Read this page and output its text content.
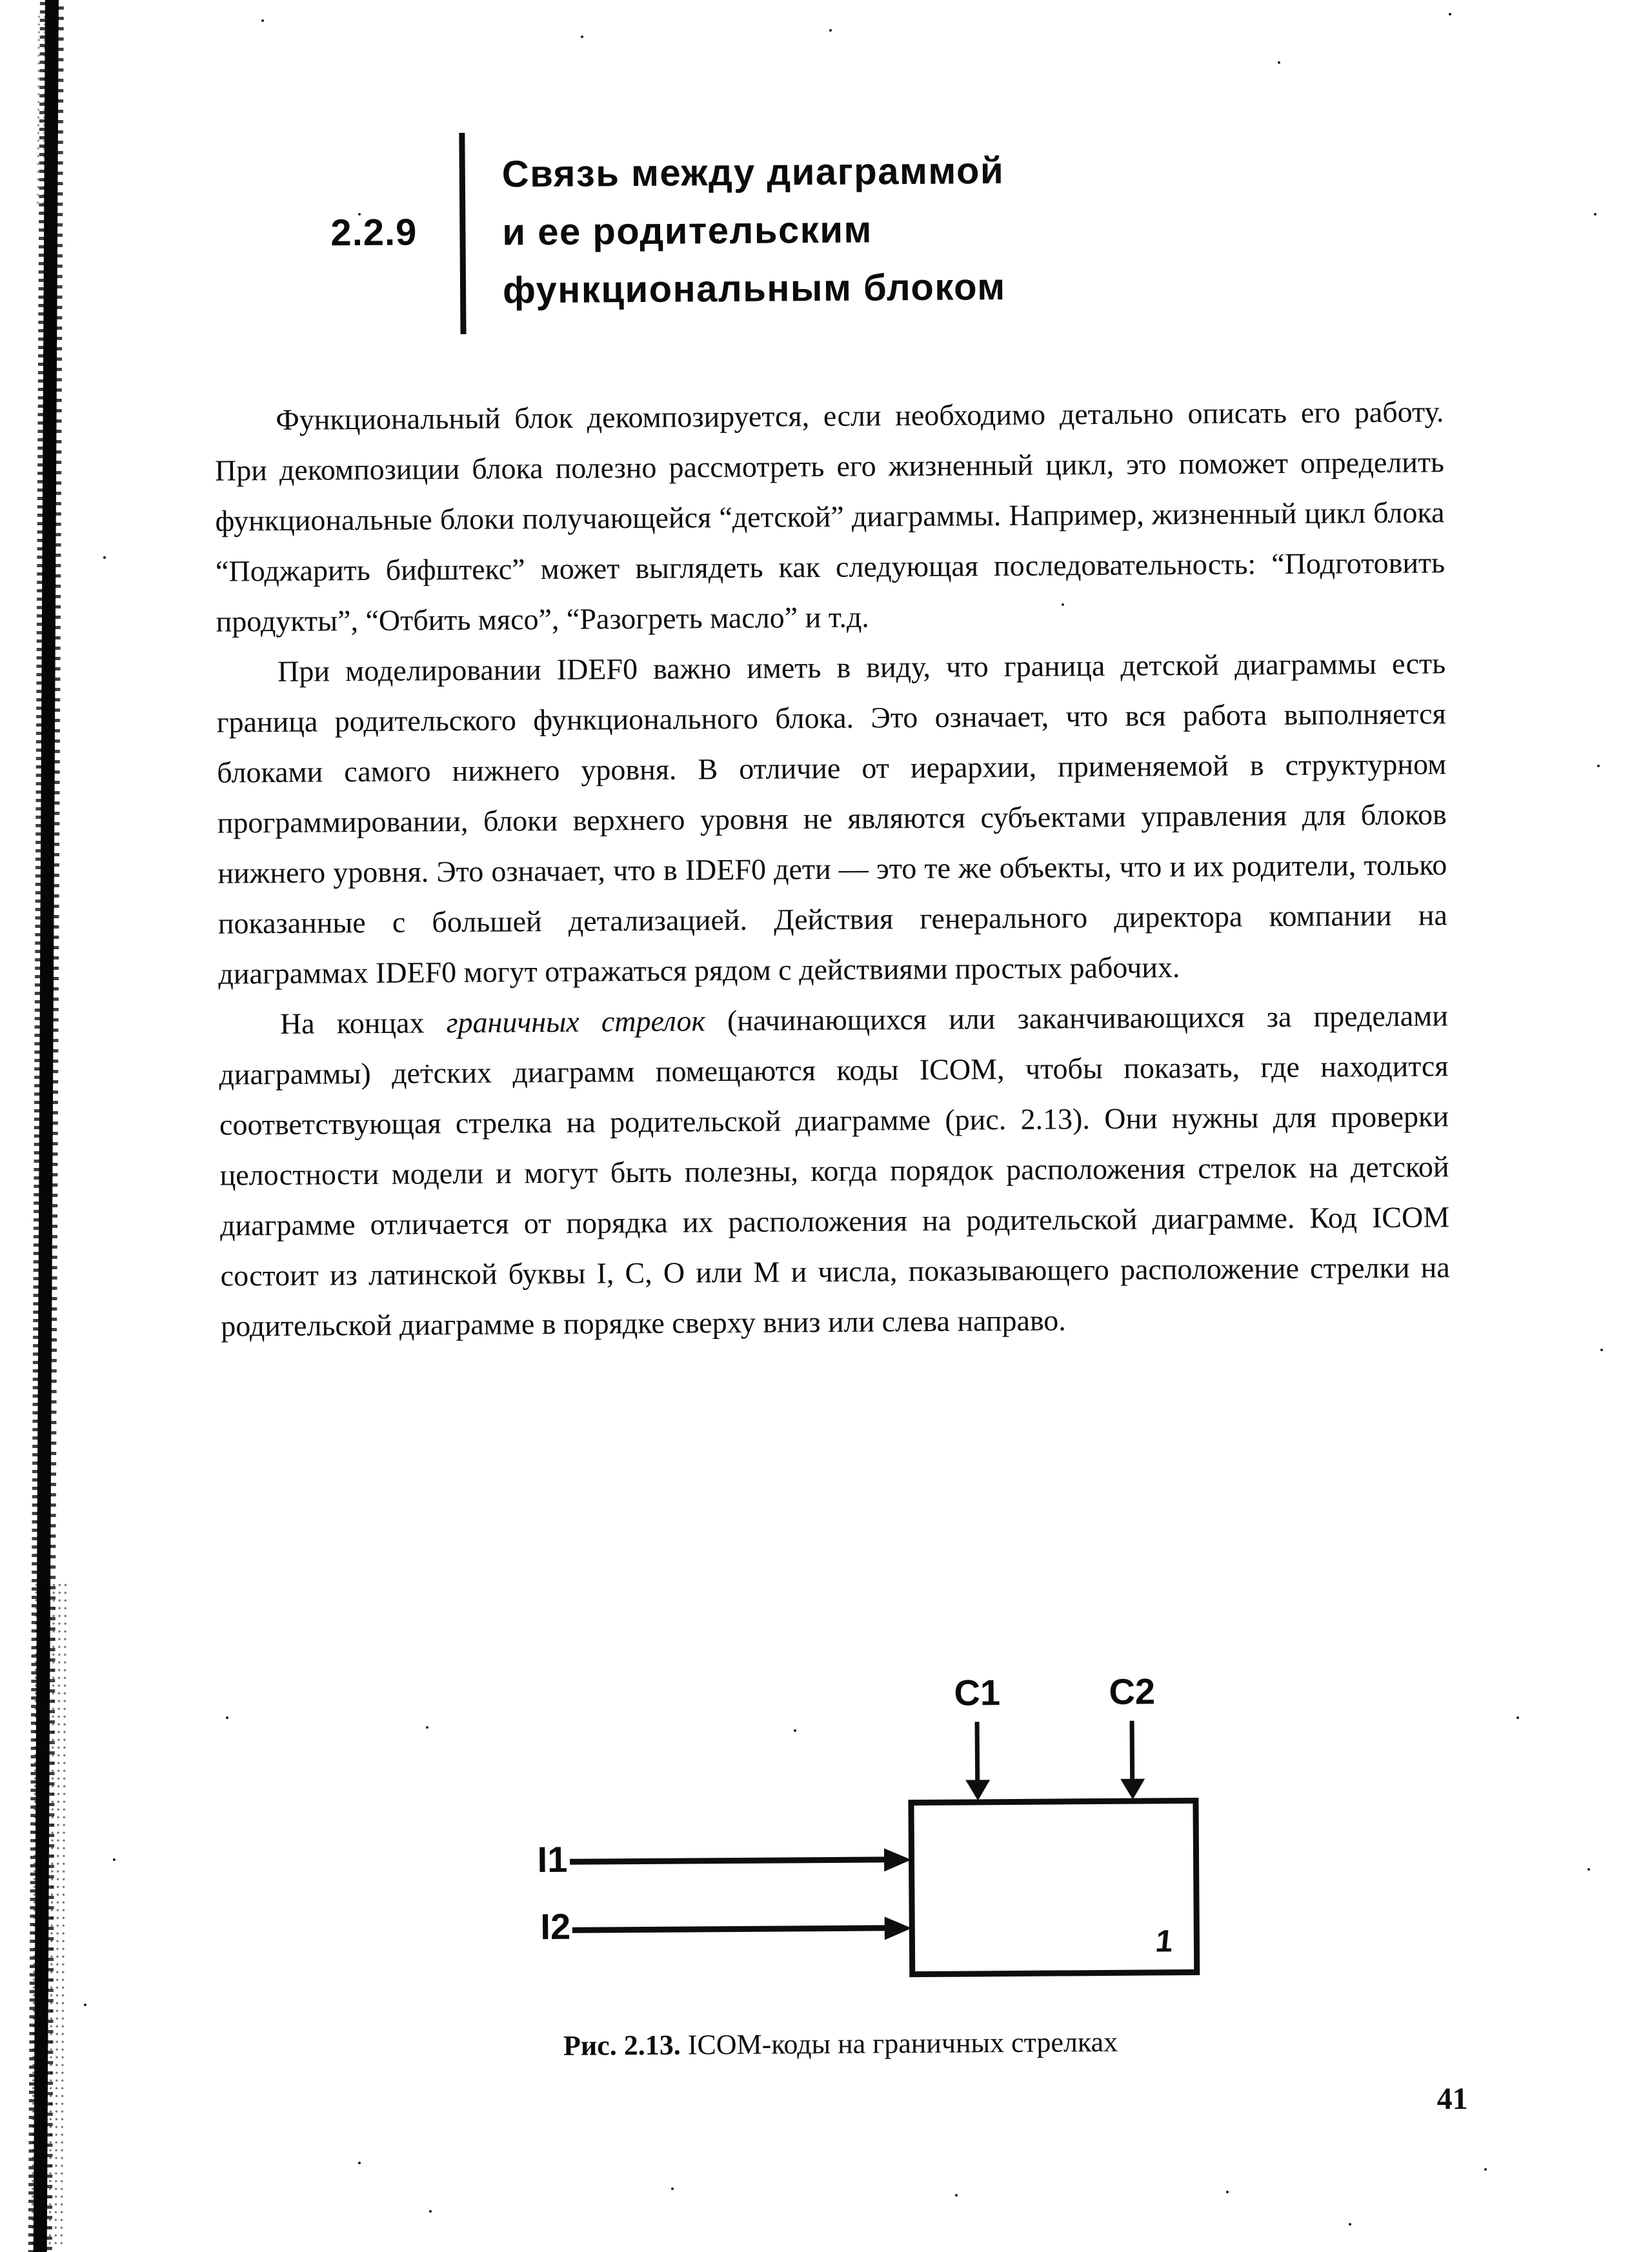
2.2.9
Связь между диаграммой
и ее родительским
функциональным блоком

Функциональный блок декомпозируется, если необходимо детально описать его работу. При декомпозиции блока полезно рассмотреть его жизненный цикл, это поможет определить функциональные блоки получающейся “детской” диаграммы. Например, жизненный цикл блока “Поджарить бифштекс” может выглядеть как следующая последовательность: “Подготовить продукты”, “Отбить мясо”, “Разогреть масло” и т.д.

При моделировании IDEF0 важно иметь в виду, что граница детской диаграммы есть граница родительского функционального блока. Это означает, что вся работа выполняется блоками самого нижнего уровня. В отличие от иерархии, применяемой в структурном программировании, блоки верхнего уровня не являются субъектами управления для блоков нижнего уровня. Это означает, что в IDEF0 дети — это те же объекты, что и их родители, только показанные с большей детализацией. Действия генерального директора компании на диаграммах IDEF0 могут отражаться рядом с действиями простых рабочих.

На концах граничных стрелок (начинающихся или заканчивающихся за пределами диаграммы) детских диаграмм помещаются коды ICOM, чтобы показать, где находится соответствующая стрелка на родительской диаграмме (рис. 2.13). Они нужны для проверки целостности модели и могут быть полезны, когда порядок расположения стрелок на детской диаграмме отличается от порядка их расположения на родительской диаграмме. Код ICOM состоит из латинской буквы I, C, O или M и числа, показывающего расположение стрелки на родительской диаграмме в порядке сверху вниз или слева направо.

C1	C2
I1
I2	1
Рис. 2.13. ICOM-коды на граничных стрелках
41
